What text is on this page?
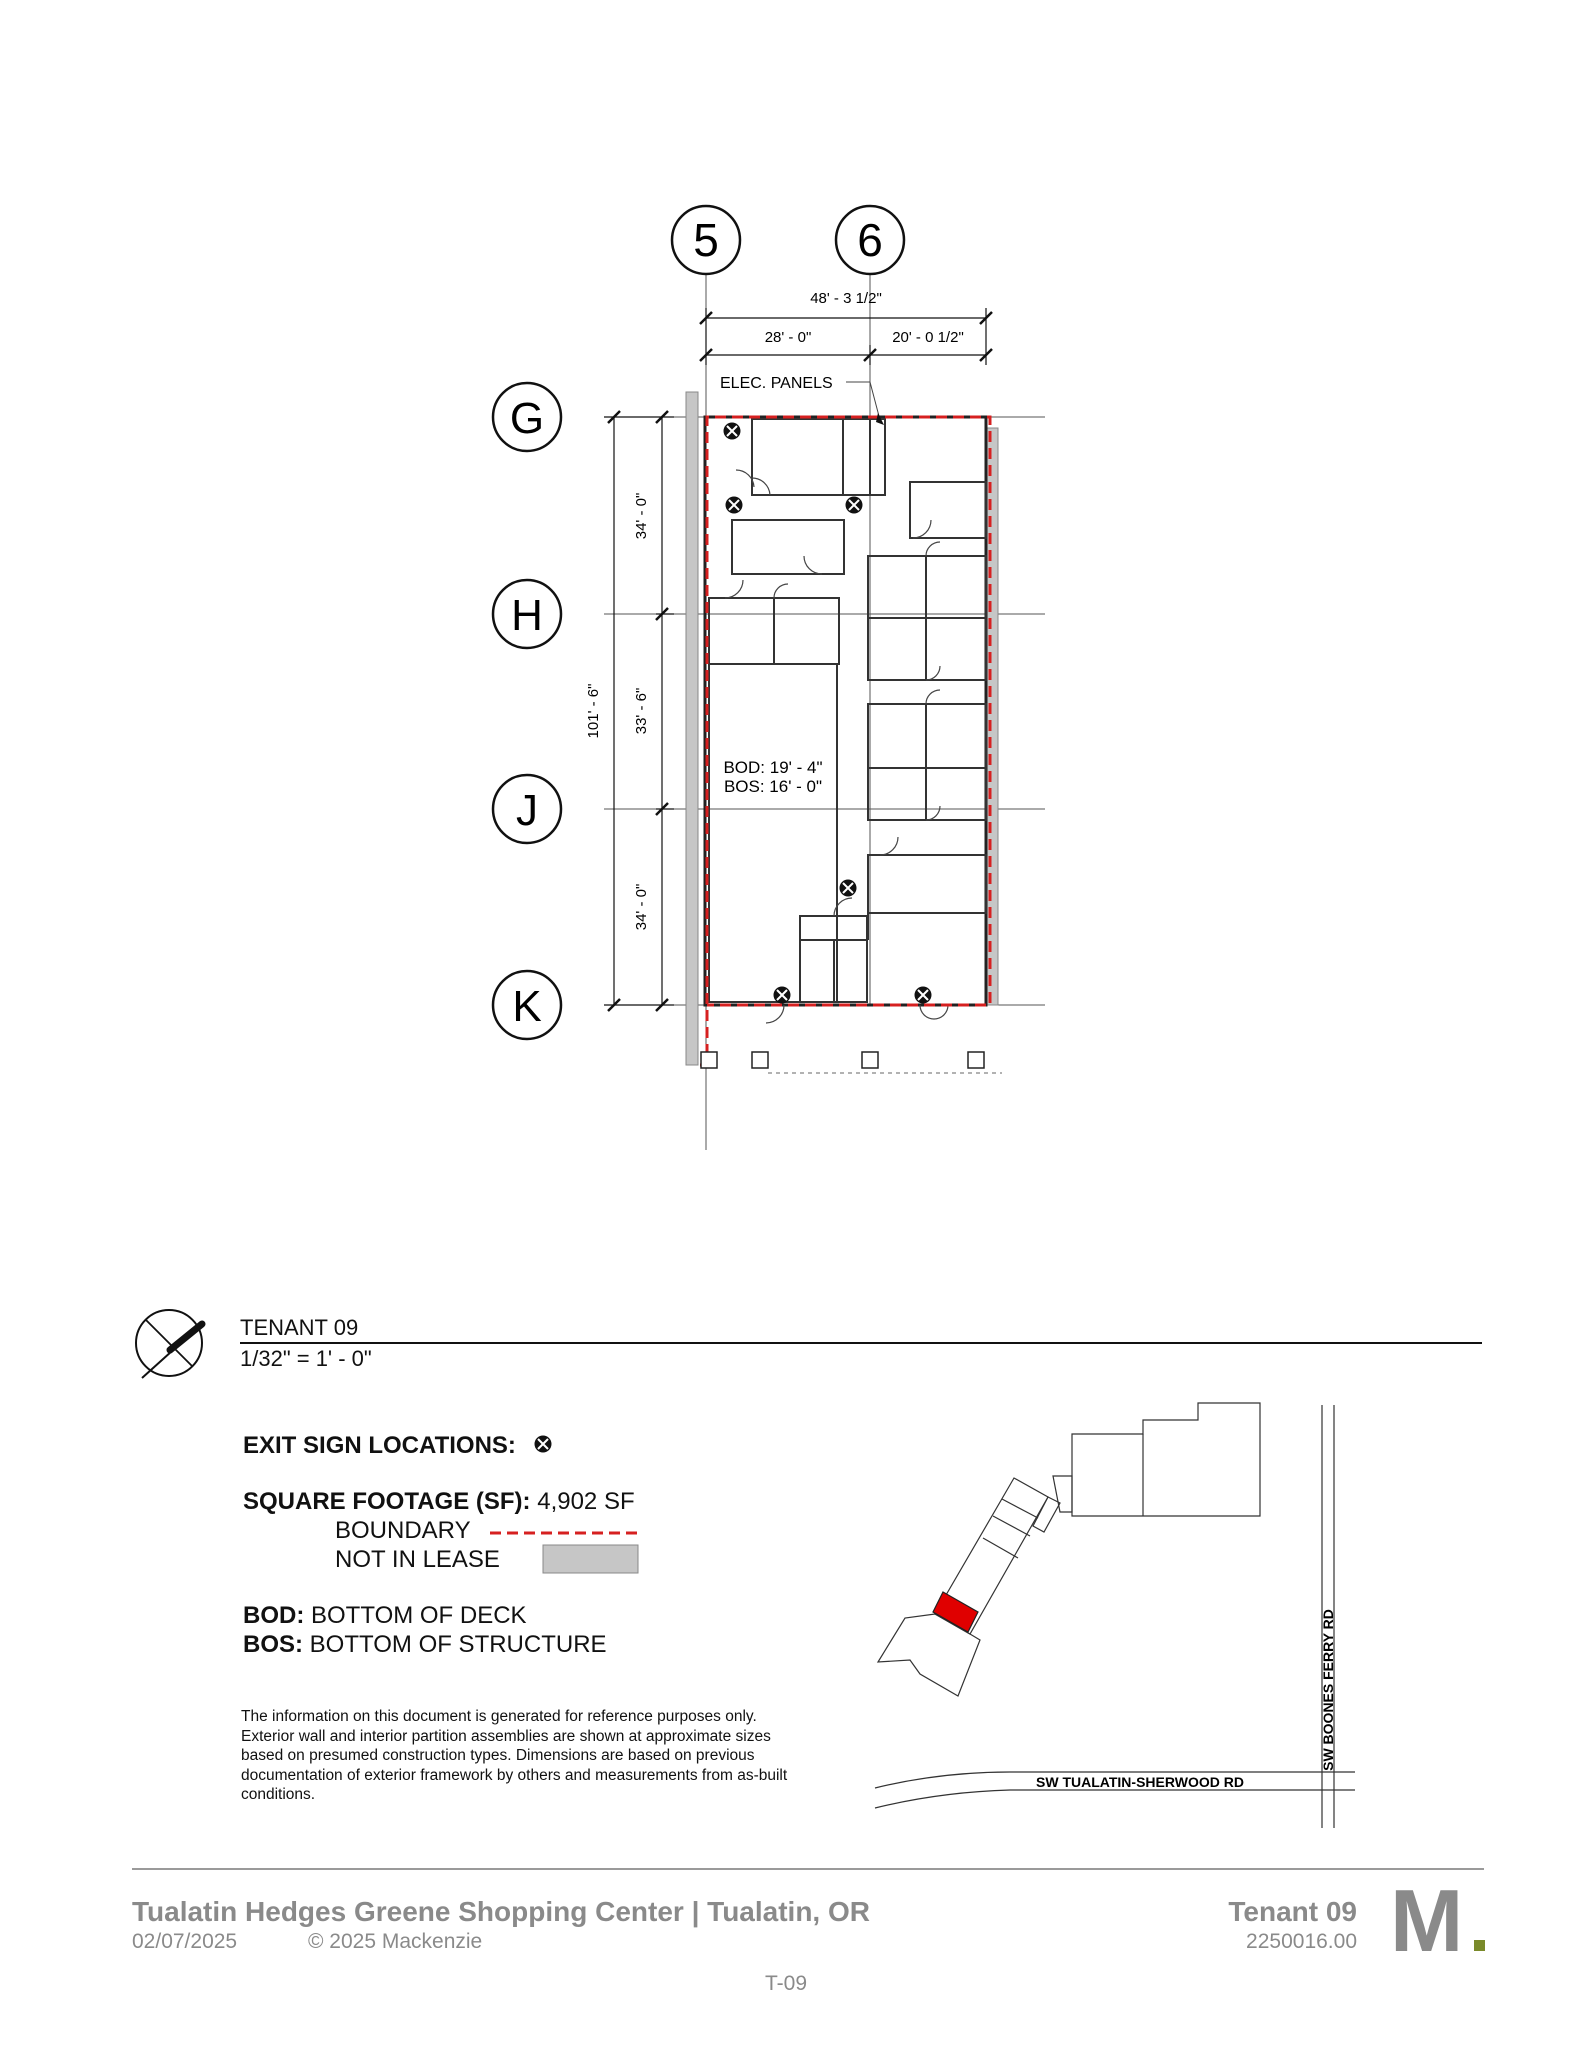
5	6
G
H
J
K
48' - 3 1/2"
28' - 0"	20' - 0 1/2"
101' - 6"
34' - 0"
33' - 6"
34' - 0"
ELEC. PANELS
BOD: 19' - 4"
BOS: 16' - 0"
SW BOONES FERRY RD
SW TUALATIN-SHERWOOD RD
TENANT 09
1/32" = 1' - 0"
EXIT SIGN LOCATIONS:
SQUARE FOOTAGE (SF): 4,902 SF
BOUNDARY
NOT IN LEASE
BOD: BOTTOM OF DECK
BOS: BOTTOM OF STRUCTURE
The information on this document is generated for reference purposes only. Exterior wall and interior partition assemblies are shown at approximate sizes based on presumed construction types. Dimensions are based on previous documentation of exterior framework by others and measurements from as-built conditions.
Tualatin Hedges Greene Shopping Center | Tualatin, OR
02/07/2025	© 2025 Mackenzie
Tenant 09
2250016.00
T-09
M
